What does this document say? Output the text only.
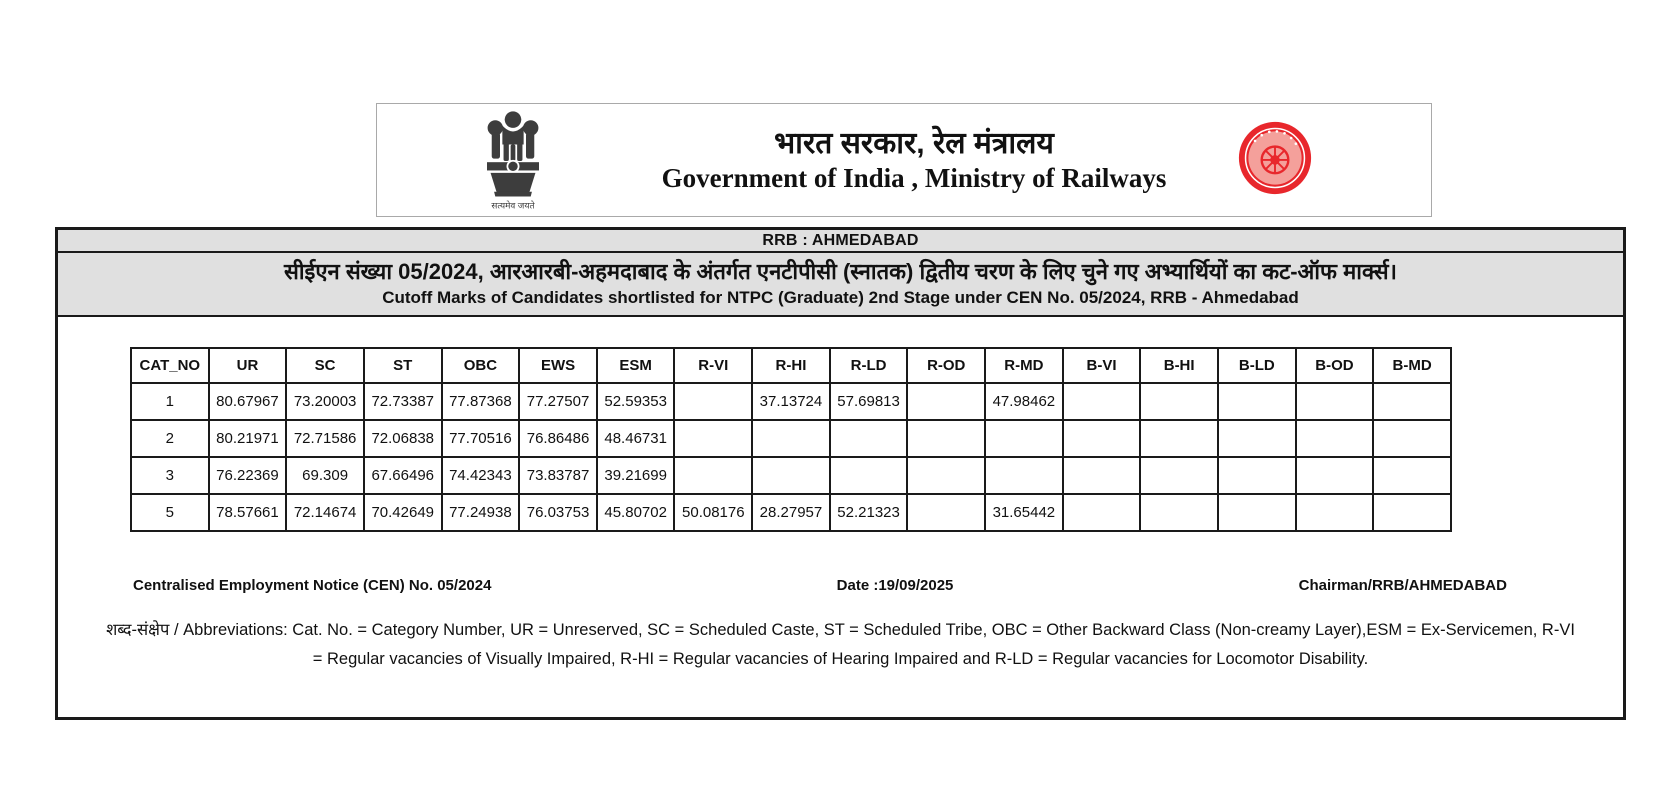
सत्यमेव जयते
भारत सरकार, रेल मंत्रालय
Government of India , Ministry of Railways
RRB : AHMEDABAD
सीईएन संख्या 05/2024, आरआरबी-अहमदाबाद के अंतर्गत एनटीपीसी (स्नातक) द्वितीय चरण के लिए चुने गए अभ्यार्थियों का कट-ऑफ मार्क्स।
Cutoff Marks of Candidates shortlisted for NTPC (Graduate) 2nd Stage under CEN No. 05/2024, RRB - Ahmedabad
CAT_NO	UR	SC	ST	OBC	EWS	ESM	R-VI	R-HI	R-LD	R-OD	R-MD	B-VI	B-HI	B-LD	B-OD	B-MD
1	80.67967	73.20003	72.73387	77.87368	77.27507	52.59353		37.13724	57.69813		47.98462					
2	80.21971	72.71586	72.06838	77.70516	76.86486	48.46731										
3	76.22369	69.309	67.66496	74.42343	73.83787	39.21699										
5	78.57661	72.14674	70.42649	77.24938	76.03753	45.80702	50.08176	28.27957	52.21323		31.65442					
Centralised Employment Notice (CEN) No. 05/2024	Date :19/09/2025	Chairman/RRB/AHMEDABAD
शब्द-संक्षेप / Abbreviations: Cat. No. = Category Number, UR = Unreserved, SC = Scheduled Caste, ST = Scheduled Tribe, OBC = Other Backward Class (Non-creamy Layer),ESM = Ex-Servicemen, R-VI
= Regular vacancies of Visually Impaired, R-HI = Regular vacancies of Hearing Impaired and R-LD = Regular vacancies for Locomotor Disability.
